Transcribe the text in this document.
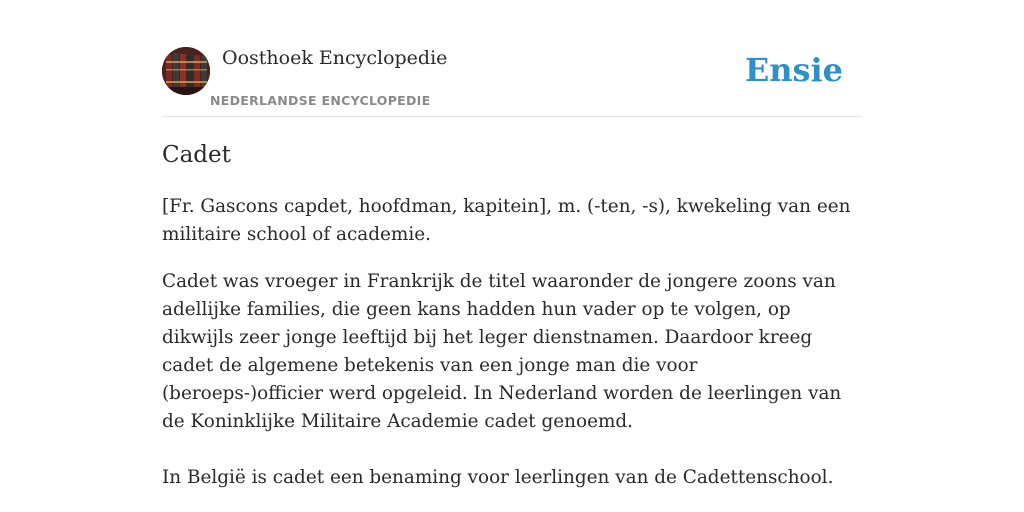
Oosthoek Encyclopedie
NEDERLANDSE ENCYCLOPEDIE
Ensie
Cadet

[Fr. Gascons capdet, hoofdman, kapitein], m. (-ten, -s), kwekeling van een militaire school of academie.

Cadet was vroeger in Frankrijk de titel waaronder de jongere zoons van adellijke families, die geen kans hadden hun vader op te volgen, op dikwijls zeer jonge leeftijd bij het leger dienstnamen. Daardoor kreeg cadet de algemene betekenis van een jonge man die voor (beroeps-)officier werd opgeleid. In Nederland worden de leerlingen van de Koninklijke Militaire Academie cadet genoemd.

In België is cadet een benaming voor leerlingen van de Cadettenschool.
